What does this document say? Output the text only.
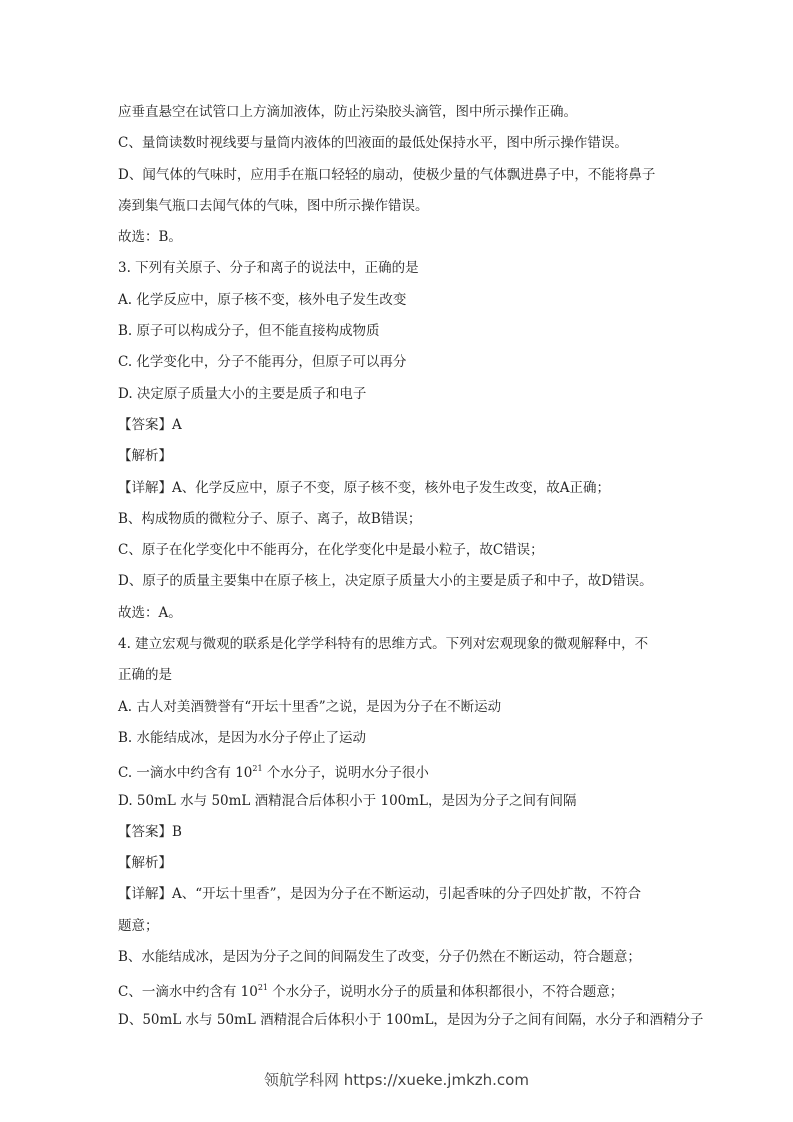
应垂直悬空在试管口上方滴加液体，防止污染胶头滴管，图中所示操作正确。
C、量筒读数时视线要与量筒内液体的凹液面的最低处保持水平，图中所示操作错误。
D、闻气体的气味时，应用手在瓶口轻轻的扇动，使极少量的气体飘进鼻子中，不能将鼻子
凑到集气瓶口去闻气体的气味，图中所示操作错误。
故选：B。
3. 下列有关原子、分子和离子的说法中，正确的是
A. 化学反应中，原子核不变，核外电子发生改变
B. 原子可以构成分子，但不能直接构成物质
C. 化学变化中，分子不能再分，但原子可以再分
D. 决定原子质量大小的主要是质子和电子
【答案】A
【解析】
【详解】A、化学反应中，原子不变，原子核不变，核外电子发生改变，故A正确；
B、构成物质的微粒分子、原子、离子，故B错误；
C、原子在化学变化中不能再分，在化学变化中是最小粒子，故C错误；
D、原子的质量主要集中在原子核上，决定原子质量大小的主要是质子和中子，故D错误。
故选：A。
4. 建立宏观与微观的联系是化学学科特有的思维方式。下列对宏观现象的微观解释中，不
正确的是
A. 古人对美酒赞誉有“开坛十里香”之说，是因为分子在不断运动
B. 水能结成冰，是因为水分子停止了运动
C. 一滴水中约含有 $10^{21}$ 个水分子，说明水分子很小
D. 50mL 水与 50mL 酒精混合后体积小于 100mL，是因为分子之间有间隔
【答案】B
【解析】
【详解】A、“开坛十里香”，是因为分子在不断运动，引起香味的分子四处扩散，不符合
题意；
B、水能结成冰，是因为分子之间的间隔发生了改变，分子仍然在不断运动，符合题意；
C、一滴水中约含有 $10^{21}$ 个水分子，说明水分子的质量和体积都很小，不符合题意；
D、50mL 水与 50mL 酒精混合后体积小于 100mL，是因为分子之间有间隔，水分子和酒精分子
领航学科网 https://xueke.jmkzh.com
